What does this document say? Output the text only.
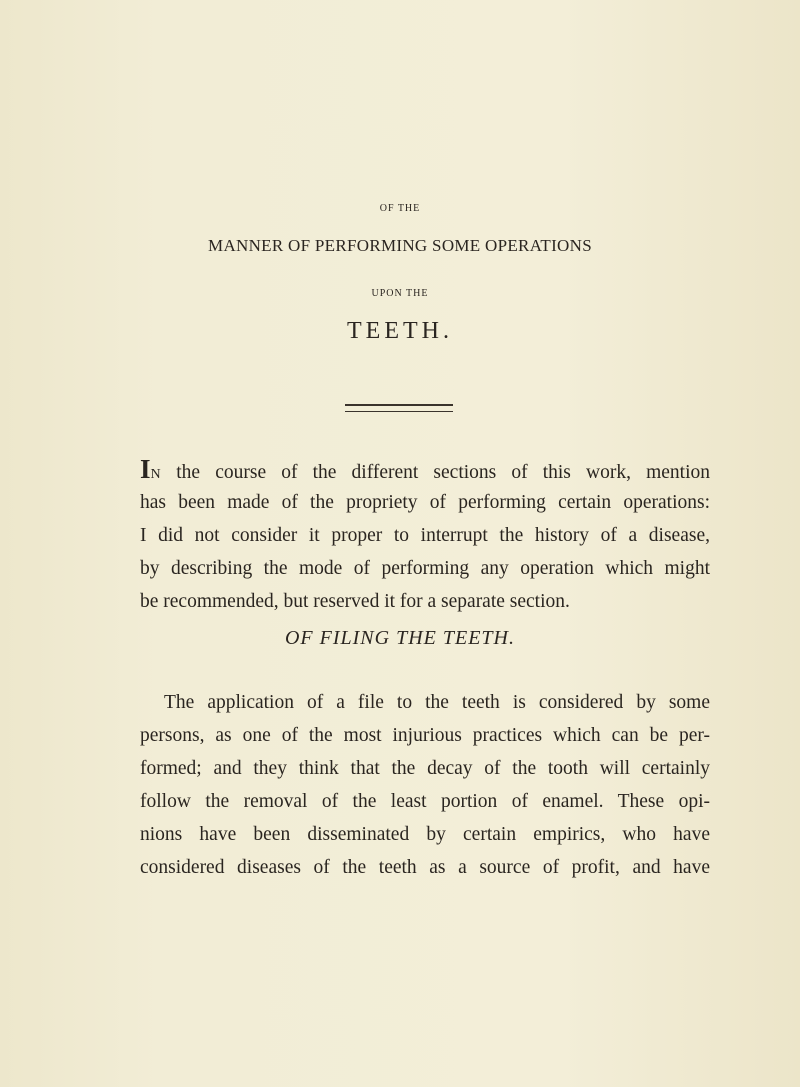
OF THE
MANNER OF PERFORMING SOME OPERATIONS
UPON THE
TEETH.
IN the course of the different sections of this work, mention
has been made of the propriety of performing certain operations:
I did not consider it proper to interrupt the history of a disease,
by describing the mode of performing any operation which might
be recommended, but reserved it for a separate section.
OF FILING THE TEETH.
The application of a file to the teeth is considered by some
persons, as one of the most injurious practices which can be per-
formed; and they think that the decay of the tooth will certainly
follow the removal of the least portion of enamel. These opi-
nions have been disseminated by certain empirics, who have
considered diseases of the teeth as a source of profit, and have
